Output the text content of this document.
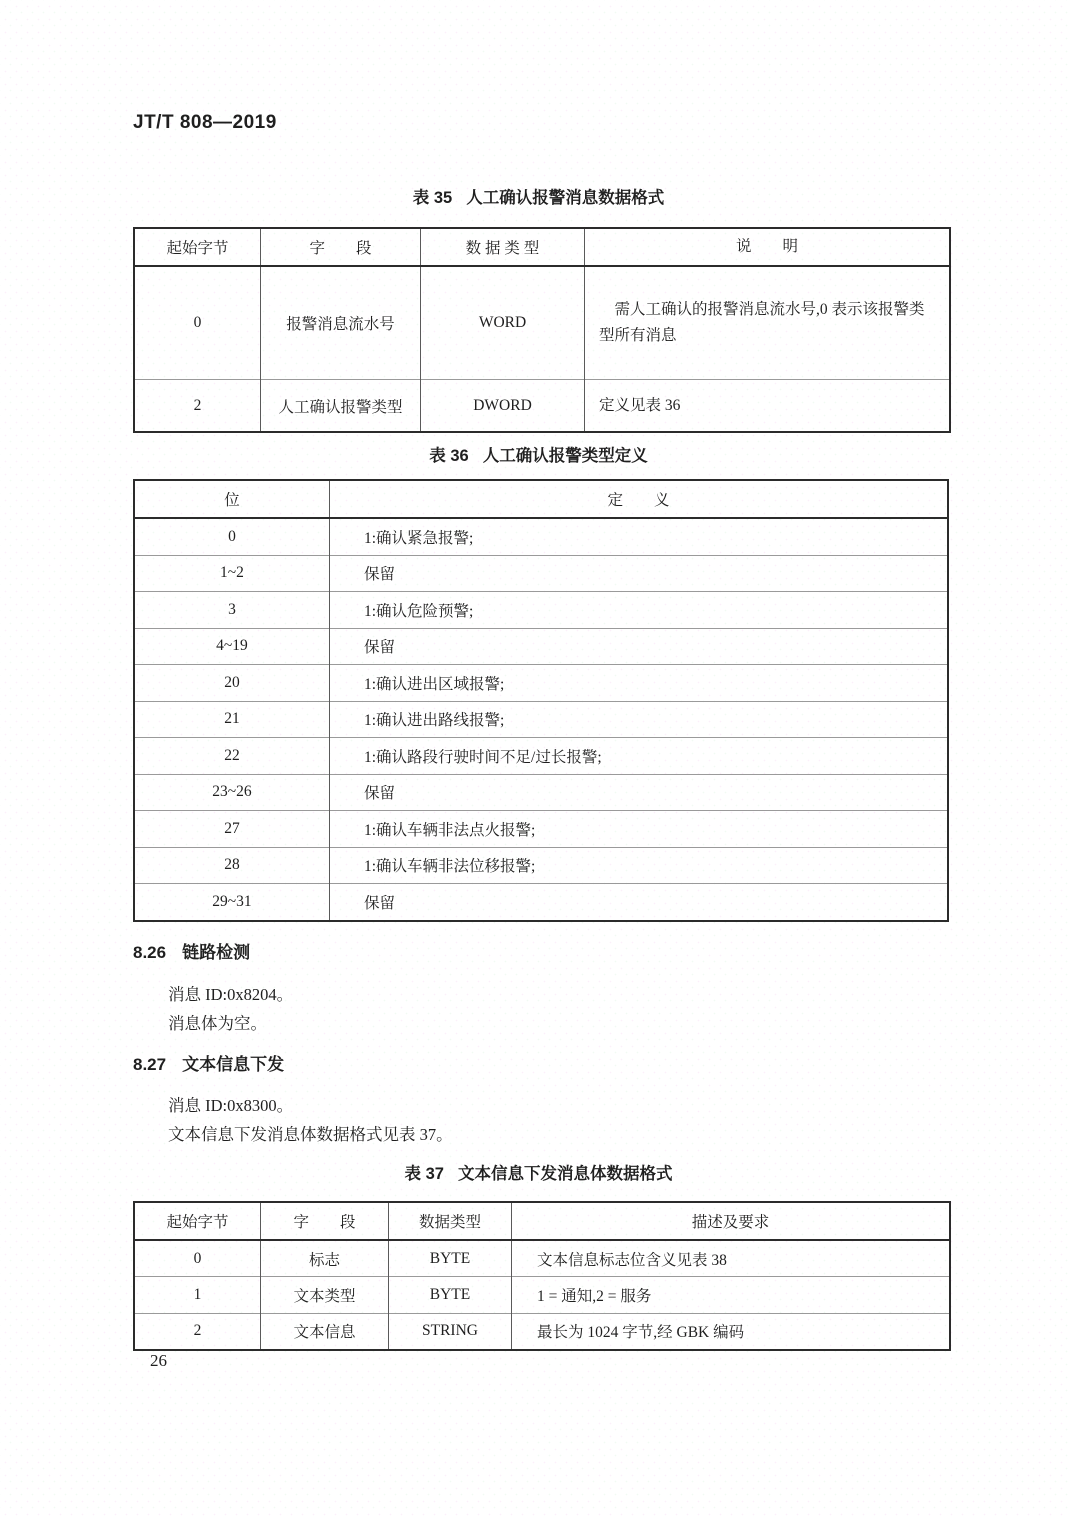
JT/T 808—2019
表 35 人工确认报警消息数据格式
起始字节	字　　段	数 据 类 型	说　　明
0	报警消息流水号	WORD	需人工确认的报警消息流水号,0 表示该报警类型所有消息
2	人工确认报警类型	DWORD	定义见表 36
表 36 人工确认报警类型定义
位	定　　义
0	1:确认紧急报警;
1~2	保留
3	1:确认危险预警;
4~19	保留
20	1:确认进出区域报警;
21	1:确认进出路线报警;
22	1:确认路段行驶时间不足/过长报警;
23~26	保留
27	1:确认车辆非法点火报警;
28	1:确认车辆非法位移报警;
29~31	保留
8.26 链路检测
消息 ID:0x8204。
消息体为空。
8.27 文本信息下发
消息 ID:0x8300。
文本信息下发消息体数据格式见表 37。
表 37 文本信息下发消息体数据格式
起始字节	字　　段	数据类型	描述及要求
0	标志	BYTE	文本信息标志位含义见表 38
1	文本类型	BYTE	1 = 通知,2 = 服务
2	文本信息	STRING	最长为 1024 字节,经 GBK 编码
26
